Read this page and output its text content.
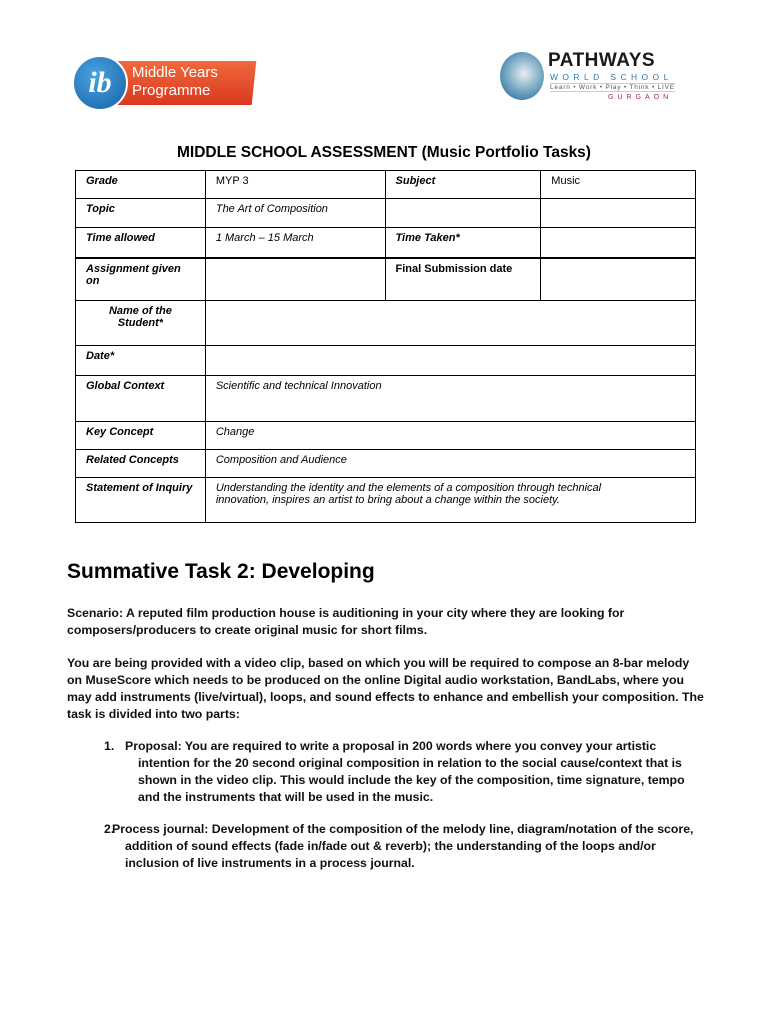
ib	Middle Years
Programme
PATHWAYS
WORLD SCHOOL
Learn • Work • Play • Think • LIVE
GURGAON
MIDDLE SCHOOL ASSESSMENT (Music Portfolio Tasks)
Grade	MYP 3	Subject	Music
Topic	The Art of Composition		
Time allowed	1 March – 15 March	Time Taken*	
Assignment given on		Final Submission date	
Name of the Student*			
Date*			
Global Context	Scientific and technical Innovation		
Key Concept	Change		
Related Concepts	Composition and Audience		
Statement of Inquiry	Understanding the identity and the elements of a composition through technical innovation, inspires an artist to bring about a change within the society.		
Summative Task 2: Developing
Scenario: A reputed film production house is auditioning in your city where they are looking for composers/producers to create original music for short films.
You are being provided with a video clip, based on which you will be required to compose an 8-bar melody on MuseScore which needs to be produced on the online Digital audio workstation, BandLabs, where you may add instruments (live/virtual), loops, and sound effects to enhance and embellish your composition. The task is divided into two parts:
1. Proposal: You are required to write a proposal in 200 words where you convey your artistic intention for the 20 second original composition in relation to the social cause/context that is shown in the video clip. This would include the key of the composition, time signature, tempo and the instruments that will be used in the music.
2.
Process journal: Development of the composition of the melody line, diagram/notation of the score, addition of sound effects (fade in/fade out & reverb); the understanding of the loops and/or inclusion of live instruments in a process journal.
